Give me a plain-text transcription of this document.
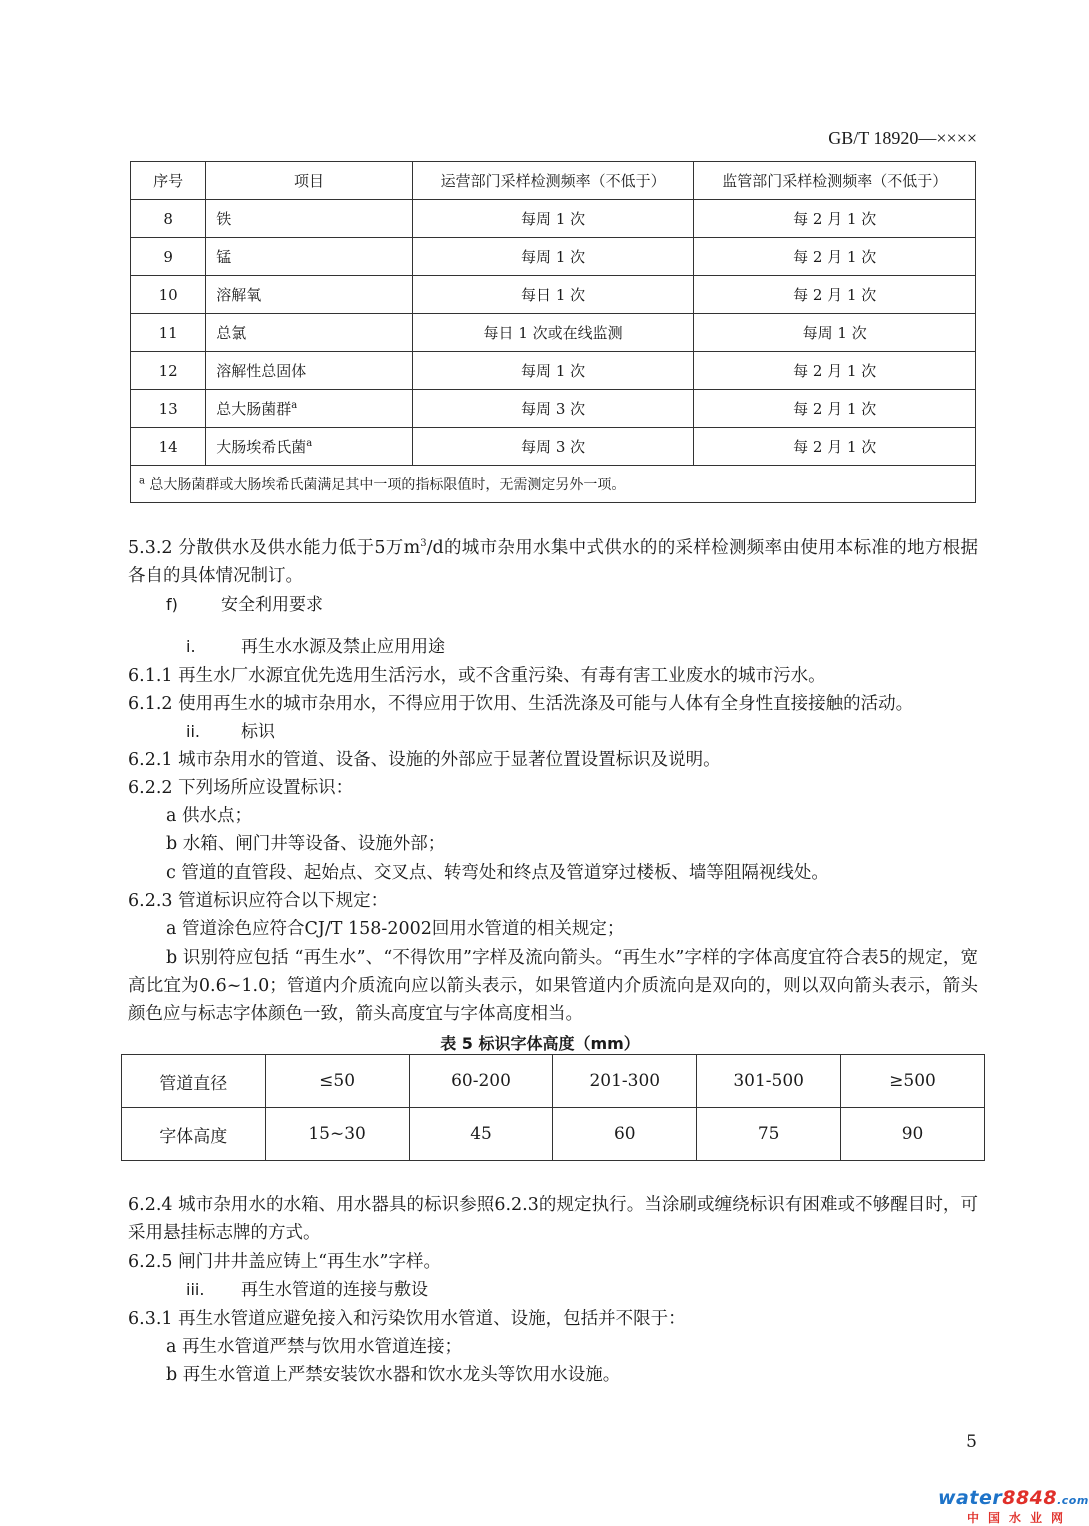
GB/T 18920—××××
序号	项目	运营部门采样检测频率（不低于）	监管部门采样检测频率（不低于）
8	铁	每周 1 次	每 2 月 1 次
9	锰	每周 1 次	每 2 月 1 次
10	溶解氧	每日 1 次	每 2 月 1 次
11	总氯	每日 1 次或在线监测	每周 1 次
12	溶解性总固体	每周 1 次	每 2 月 1 次
13	总大肠菌群$^a$	每周 3 次	每 2 月 1 次
14	大肠埃希氏菌$^a$	每周 3 次	每 2 月 1 次
$^a$ 总大肠菌群或大肠埃希氏菌满足其中一项的指标限值时，无需测定另外一项。			

5.3.2 分散供水及供水能力低于5万$m^3/d$的城市杂用水集中式供水的的采样检测频率由使用本标准的地方根据各自的具体情况制订。

f)	安全利用要求

i.	再生水水源及禁止应用用途

6.1.1 再生水厂水源宜优先选用生活污水，或不含重污染、有毒有害工业废水的城市污水。

6.1.2 使用再生水的城市杂用水，不得应用于饮用、生活洗涤及可能与人体有全身性直接接触的活动。

ii. 标识

6.2.1 城市杂用水的管道、设备、设施的外部应于显著位置设置标识及说明。

6.2.2 下列场所应设置标识：

a 供水点；

b 水箱、闸门井等设备、设施外部；

c 管道的直管段、起始点、交叉点、转弯处和终点及管道穿过楼板、墙等阻隔视线处。

6.2.3 管道标识应符合以下规定：

a 管道涂色应符合CJ/T 158-2002回用水管道的相关规定；

b 识别符应包括 “再生水”、“不得饮用”字样及流向箭头。“再生水”字样的字体高度宜符合表5的规定，宽高比宜为0.6~1.0；管道内介质流向应以箭头表示，如果管道内介质流向是双向的，则以双向箭头表示，箭头颜色应与标志字体颜色一致，箭头高度宜与字体高度相当。

表 5 标识字体高度（mm）
管道直径	≤50	60-200	201-300	301-500	≥500
字体高度	15~30	45	60	75	90

6.2.4 城市杂用水的水箱、用水器具的标识参照6.2.3的规定执行。当涂刷或缠绕标识有困难或不够醒目时，可采用悬挂标志牌的方式。

6.2.5 闸门井井盖应铸上“再生水”字样。

iii. 再生水管道的连接与敷设

6.3.1 再生水管道应避免接入和污染饮用水管道、设施，包括并不限于：

a 再生水管道严禁与饮用水管道连接；

b 再生水管道上严禁安装饮水器和饮水龙头等饮用水设施。

5
water8848.com
中国水业网
